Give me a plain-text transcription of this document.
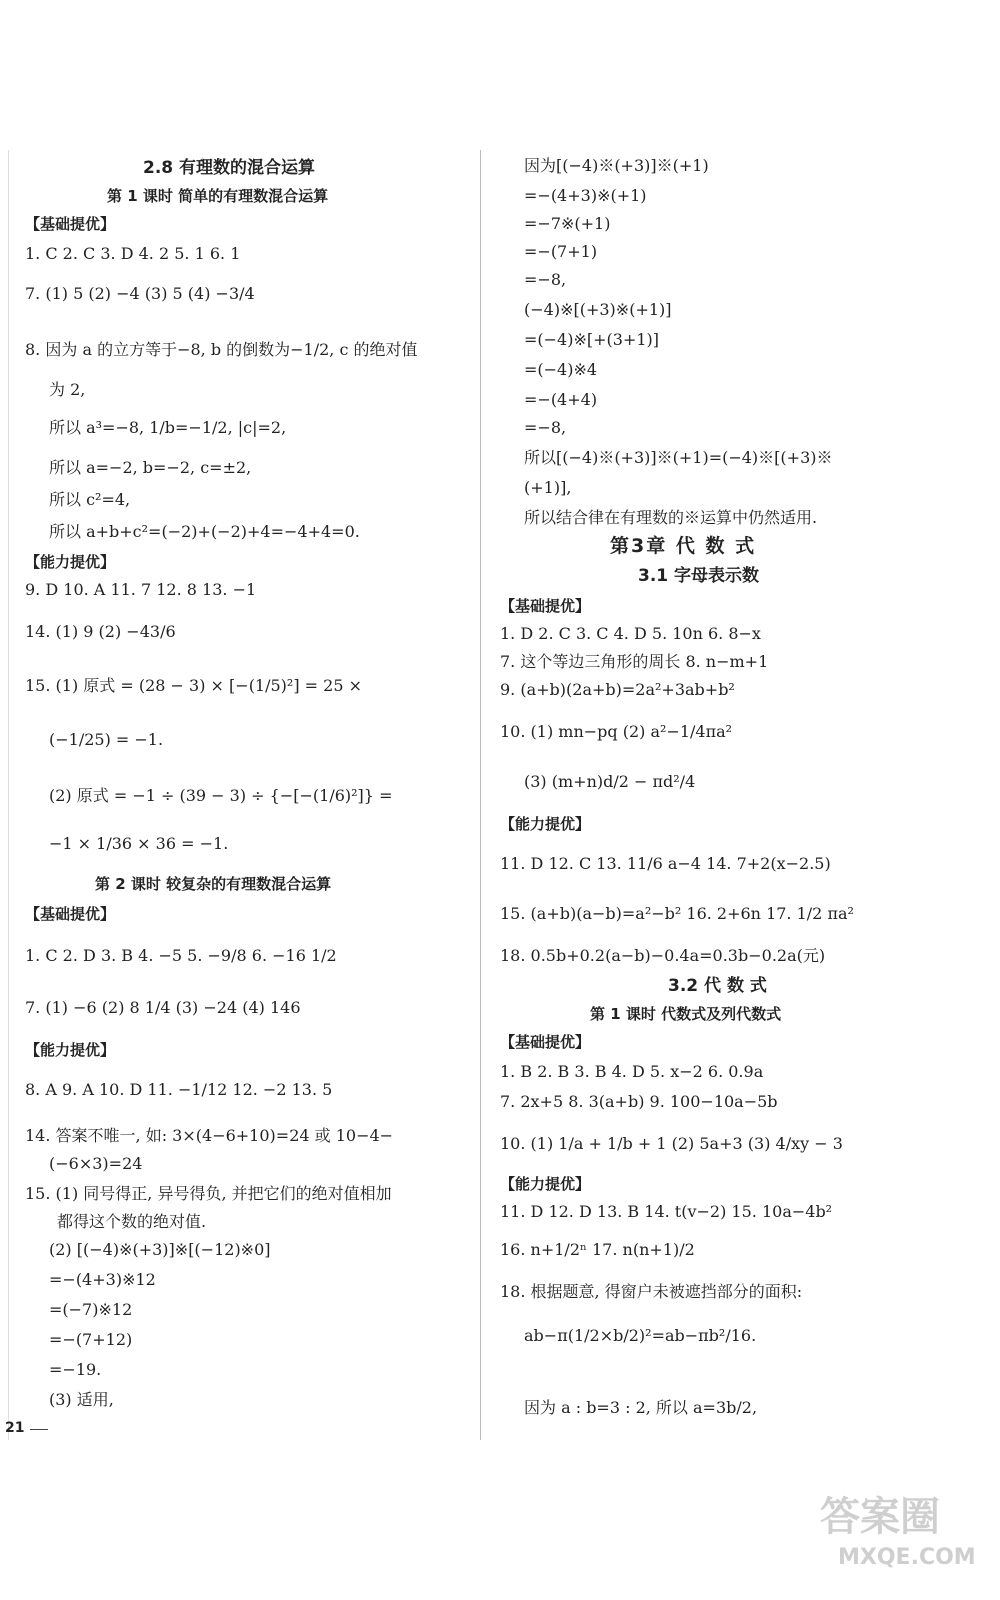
2.8 有理数的混合运算
第 1 课时 简单的有理数混合运算
【基础提优】
1. C 2. C 3. D 4. 2 5. 1 6. 1
7. (1) 5 (2) −4 (3) 5 (4) −3/4
8. 因为 a 的立方等于−8, b 的倒数为−1/2, c 的绝对值
为 2,
所以 a³=−8, 1/b=−1/2, |c|=2,
所以 a=−2, b=−2, c=±2,
所以 c²=4,
所以 a+b+c²=(−2)+(−2)+4=−4+4=0.
【能力提优】
9. D 10. A 11. 7 12. 8 13. −1
14. (1) 9 (2) −43/6
15. (1) 原式 = (28 − 3) × [−(1/5)²] = 25 ×
(−1/25) = −1.
(2) 原式 = −1 ÷ (39 − 3) ÷ {−[−(1/6)²]} =
−1 × 1/36 × 36 = −1.
第 2 课时 较复杂的有理数混合运算
【基础提优】
1. C 2. D 3. B 4. −5 5. −9/8 6. −16 1/2
7. (1) −6 (2) 8 1/4 (3) −24 (4) 146
【能力提优】
8. A 9. A 10. D 11. −1/12 12. −2 13. 5
14. 答案不唯一, 如: 3×(4−6+10)=24 或 10−4−
(−6×3)=24
15. (1) 同号得正, 异号得负, 并把它们的绝对值相加
都得这个数的绝对值.
(2) [(−4)※(+3)]※[(−12)※0]
=−(4+3)※12
=(−7)※12
=−(7+12)
=−19.
(3) 适用,
因为[(−4)※(+3)]※(+1)
=−(4+3)※(+1)
=−7※(+1)
=−(7+1)
=−8,
(−4)※[(+3)※(+1)]
=(−4)※[+(3+1)]
=(−4)※4
=−(4+4)
=−8,
所以[(−4)※(+3)]※(+1)=(−4)※[(+3)※
(+1)],
所以结合律在有理数的※运算中仍然适用.
第3章 代 数 式
3.1 字母表示数
【基础提优】
1. D 2. C 3. C 4. D 5. 10n 6. 8−x
7. 这个等边三角形的周长 8. n−m+1
9. (a+b)(2a+b)=2a²+3ab+b²
10. (1) mn−pq (2) a²−1/4πa²
(3) (m+n)d/2 − πd²/4
【能力提优】
11. D 12. C 13. 11/6 a−4 14. 7+2(x−2.5)
15. (a+b)(a−b)=a²−b² 16. 2+6n 17. 1/2 πa²
18. 0.5b+0.2(a−b)−0.4a=0.3b−0.2a(元)
3.2 代 数 式
第 1 课时 代数式及列代数式
【基础提优】
1. B 2. B 3. B 4. D 5. x−2 6. 0.9a
7. 2x+5 8. 3(a+b) 9. 100−10a−5b
10. (1) 1/a + 1/b + 1 (2) 5a+3 (3) 4/xy − 3
【能力提优】
11. D 12. D 13. B 14. t(v−2) 15. 10a−4b²
16. n+1/2ⁿ 17. n(n+1)/2
18. 根据题意, 得窗户未被遮挡部分的面积:
ab−π(1/2×b/2)²=ab−πb²/16.
因为 a : b=3 : 2, 所以 a=3b/2,
21
答案圈
MXQE.COM
